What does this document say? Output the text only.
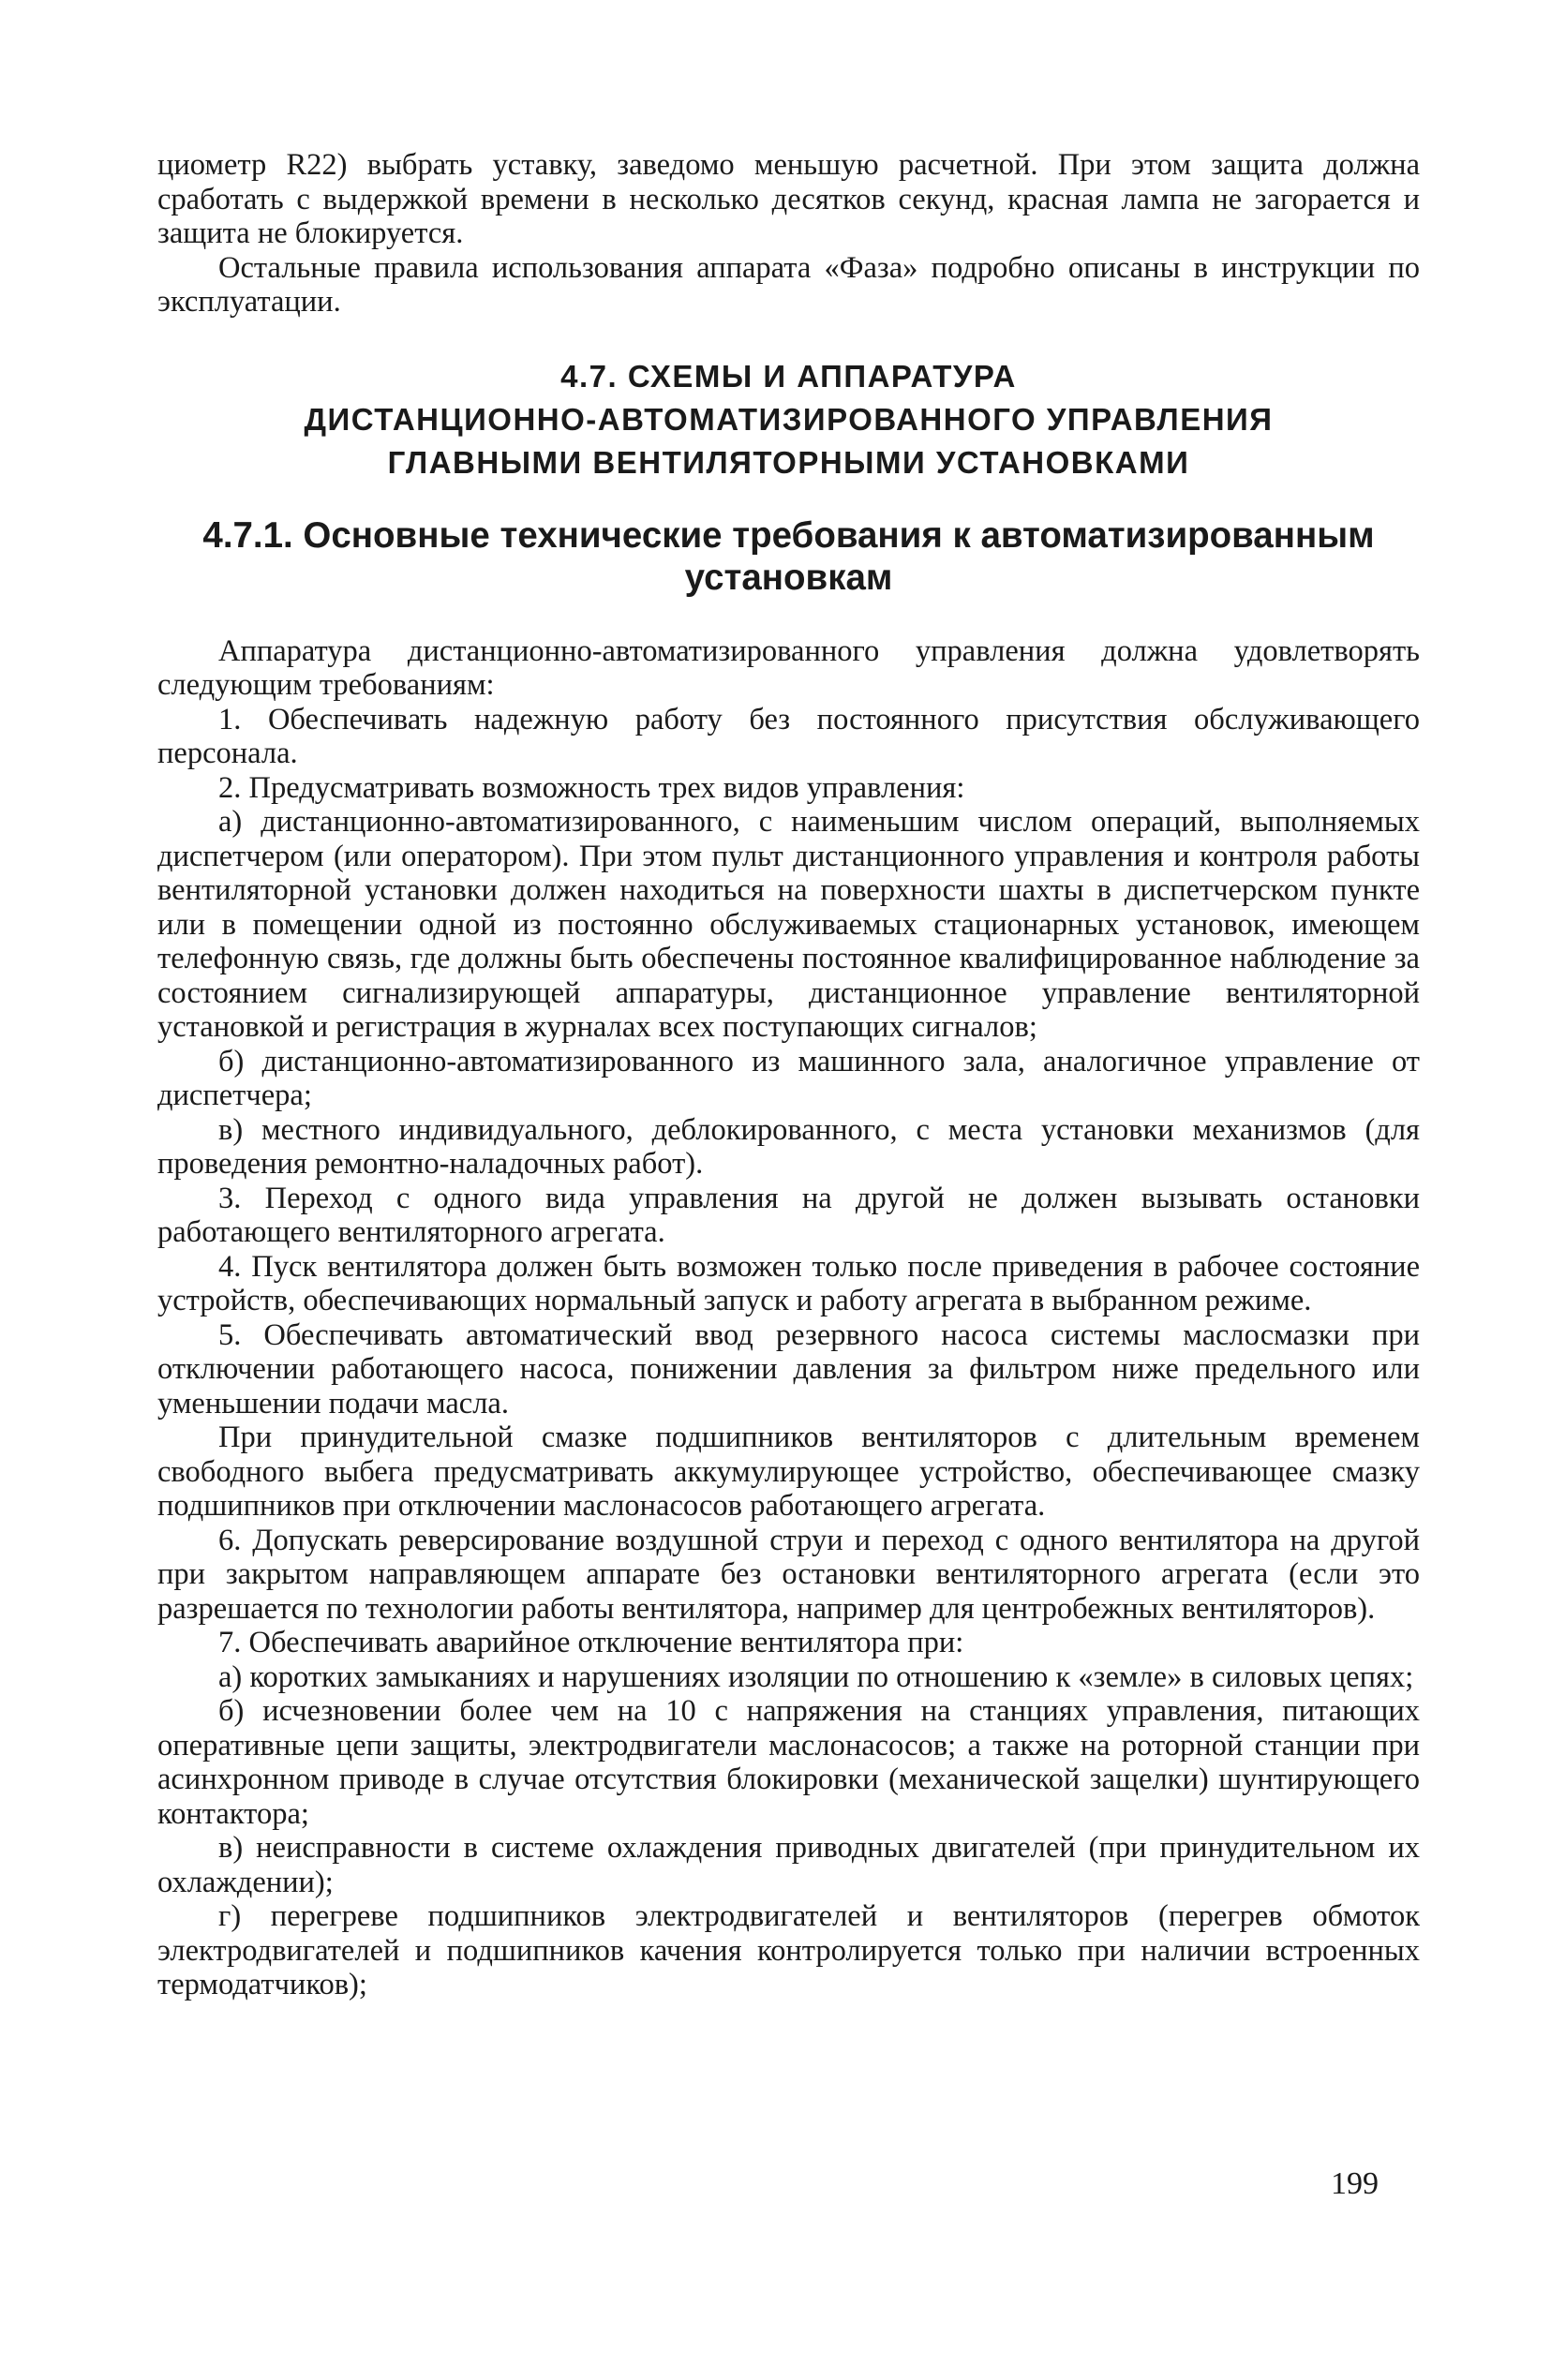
циометр R22) выбрать уставку, заведомо меньшую расчетной. При этом защита должна сработать с выдержкой времени в несколько десятков секунд, красная лампа не загорается и защита не блокируется.

Остальные правила использования аппарата «Фаза» подробно описаны в инструкции по эксплуатации.

4.7. СХЕМЫ И АППАРАТУРА
ДИСТАНЦИОННО-АВТОМАТИЗИРОВАННОГО УПРАВЛЕНИЯ
ГЛАВНЫМИ ВЕНТИЛЯТОРНЫМИ УСТАНОВКАМИ
4.7.1. Основные технические требования к автоматизированным
установкам

Аппаратура дистанционно-автоматизированного управления должна удовлетворять следующим требованиям:

1. Обеспечивать надежную работу без постоянного присутствия обслуживающего персонала.

2. Предусматривать возможность трех видов управления:

а) дистанционно-автоматизированного, с наименьшим числом операций, выполняемых диспетчером (или оператором). При этом пульт дистанционного управления и контроля работы вентиляторной установки должен находиться на поверхности шахты в диспетчерском пункте или в помещении одной из постоянно обслуживаемых стационарных установок, имеющем телефонную связь, где должны быть обеспечены постоянное квалифицированное наблюдение за состоянием сигнализирующей аппаратуры, дистанционное управление вентиляторной установкой и регистрация в журналах всех поступающих сигналов;

б) дистанционно-автоматизированного из машинного зала, аналогичное управление от диспетчера;

в) местного индивидуального, деблокированного, с места установки механизмов (для проведения ремонтно-наладочных работ).

3. Переход с одного вида управления на другой не должен вызывать остановки работающего вентиляторного агрегата.

4. Пуск вентилятора должен быть возможен только после приведения в рабочее состояние устройств, обеспечивающих нормальный запуск и работу агрегата в выбранном режиме.

5. Обеспечивать автоматический ввод резервного насоса системы маслосмазки при отключении работающего насоса, понижении давления за фильтром ниже предельного или уменьшении подачи масла.

При принудительной смазке подшипников вентиляторов с длительным временем свободного выбега предусматривать аккумулирующее устройство, обеспечивающее смазку подшипников при отключении маслонасосов работающего агрегата.

6. Допускать реверсирование воздушной струи и переход с одного вентилятора на другой при закрытом направляющем аппарате без остановки вентиляторного агрегата (если это разрешается по технологии работы вентилятора, например для центробежных вентиляторов).

7. Обеспечивать аварийное отключение вентилятора при:

а) коротких замыканиях и нарушениях изоляции по отношению к «земле» в силовых цепях;

б) исчезновении более чем на 10 с напряжения на станциях управления, питающих оперативные цепи защиты, электродвигатели маслонасосов; а также на роторной станции при асинхронном приводе в случае отсутствия блокировки (механической защелки) шунтирующего контактора;

в) неисправности в системе охлаждения приводных двигателей (при принудительном их охлаждении);

г) перегреве подшипников электродвигателей и вентиляторов (перегрев обмоток электродвигателей и подшипников качения контролируется только при наличии встроенных термодатчиков);

199
